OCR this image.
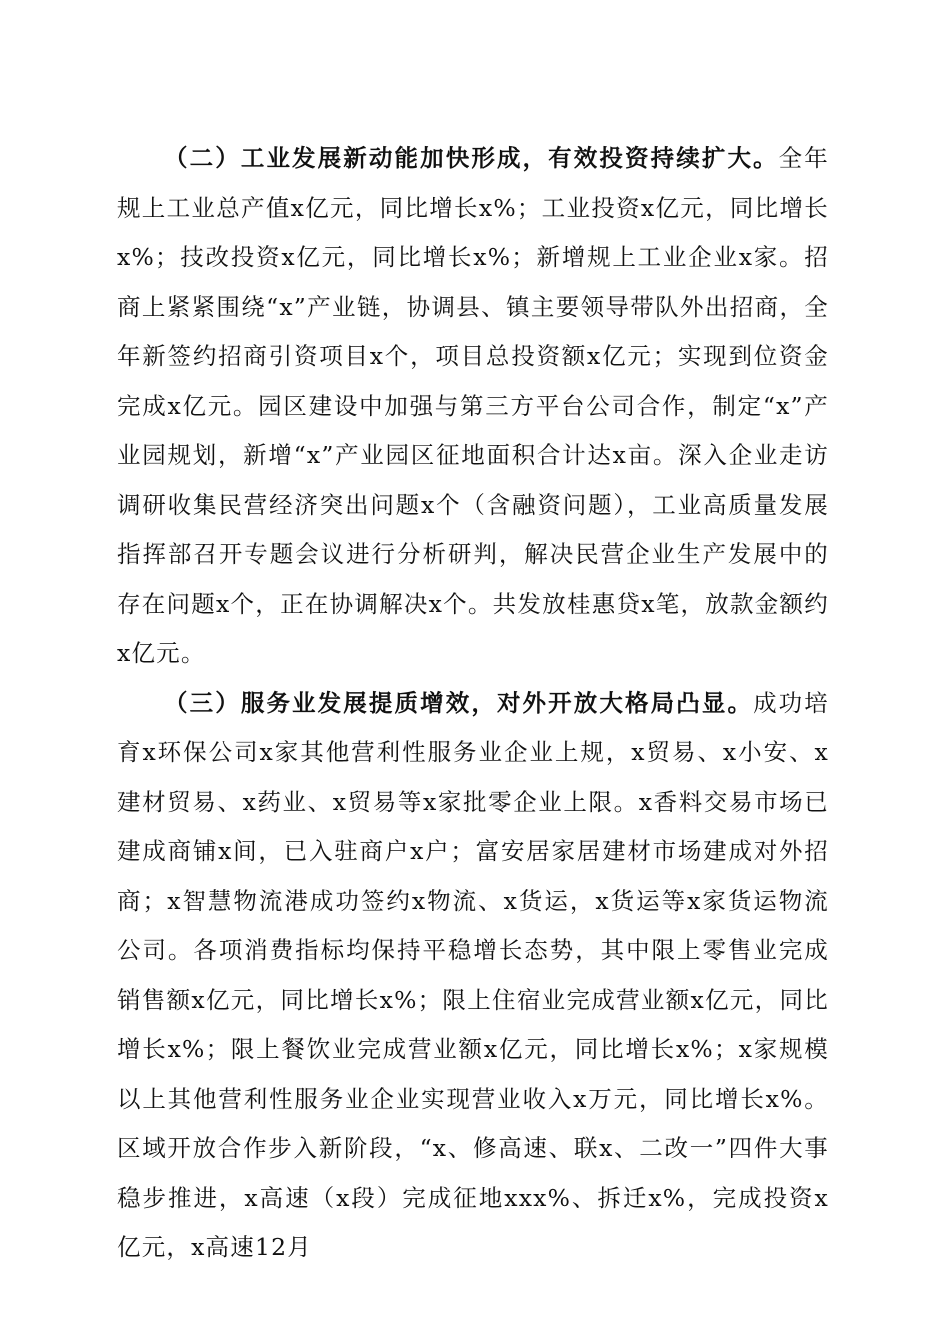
（二）工业发展新动能加快形成，有效投资持续扩大。全年规上工业总产值x亿元，同比增长x%；工业投资x亿元，同比增长x%；技改投资x亿元，同比增长x%；新增规上工业企业x家。招商上紧紧围绕“x”产业链，协调县、镇主要领导带队外出招商，全年新签约招商引资项目x个，项目总投资额x亿元；实现到位资金完成x亿元。园区建设中加强与第三方平台公司合作，制定“x”产业园规划，新增“x”产业园区征地面积合计达x亩。深入企业走访调研收集民营经济突出问题x个（含融资问题），工业高质量发展指挥部召开专题会议进行分析研判，解决民营企业生产发展中的存在问题x个，正在协调解决x个。共发放桂惠贷x笔，放款金额约x亿元。

（三）服务业发展提质增效，对外开放大格局凸显。成功培育x环保公司x家其他营利性服务业企业上规，x贸易、x小安、x建材贸易、x药业、x贸易等x家批零企业上限。x香料交易市场已建成商铺x间，已入驻商户x户；富安居家居建材市场建成对外招商；x智慧物流港成功签约x物流、x货运，x货运等x家货运物流公司。各项消费指标均保持平稳增长态势，其中限上零售业完成销售额x亿元，同比增长x%；限上住宿业完成营业额x亿元，同比增长x%；限上餐饮业完成营业额x亿元，同比增长x%；x家规模以上其他营利性服务业企业实现营业收入x万元，同比增长x%。区域开放合作步入新阶段，“x、修高速、联x、二改一”四件大事稳步推进，x高速（x段）完成征地xxx%、拆迁x%，完成投资x亿元，x高速12月
